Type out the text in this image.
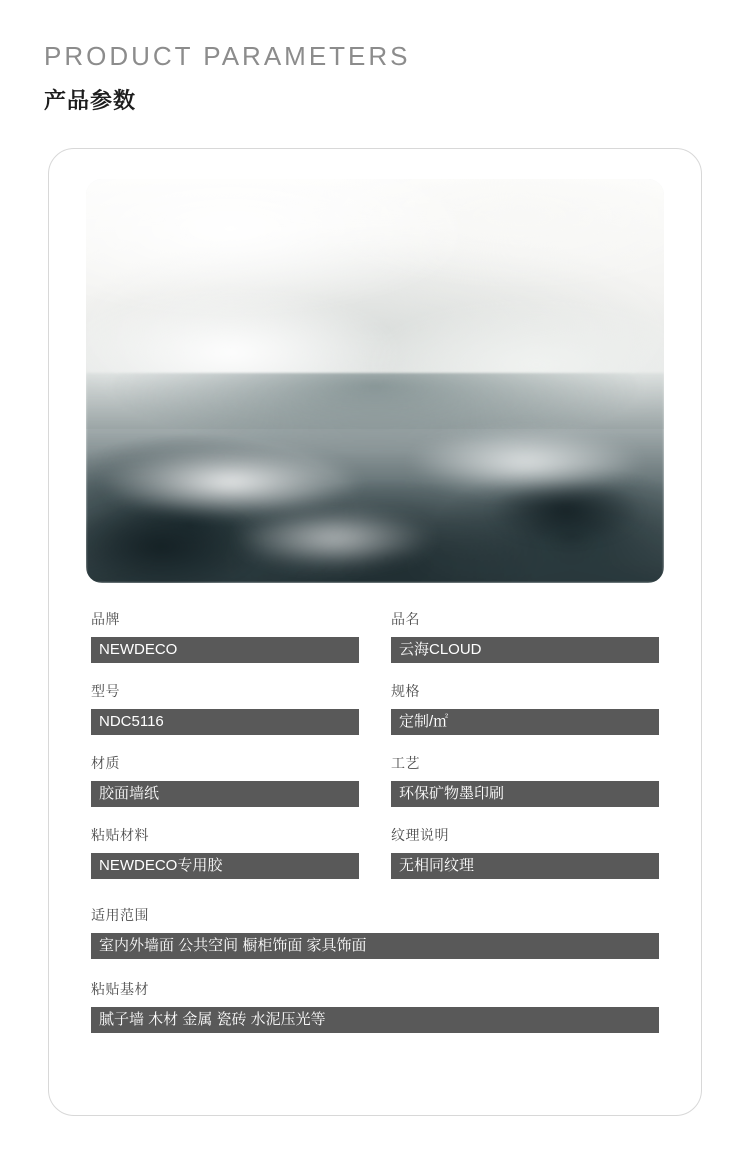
PRODUCT PARAMETERS
产品参数
品牌
NEWDECO
品名
云海CLOUD
型号
NDC5116
规格
定制/㎡
材质
胶面墙纸
工艺
环保矿物墨印刷
粘贴材料
NEWDECO专用胶
纹理说明
无相同纹理
适用范围
室内外墙面 公共空间 橱柜饰面 家具饰面
粘贴基材
腻子墙 木材 金属 瓷砖 水泥压光等
